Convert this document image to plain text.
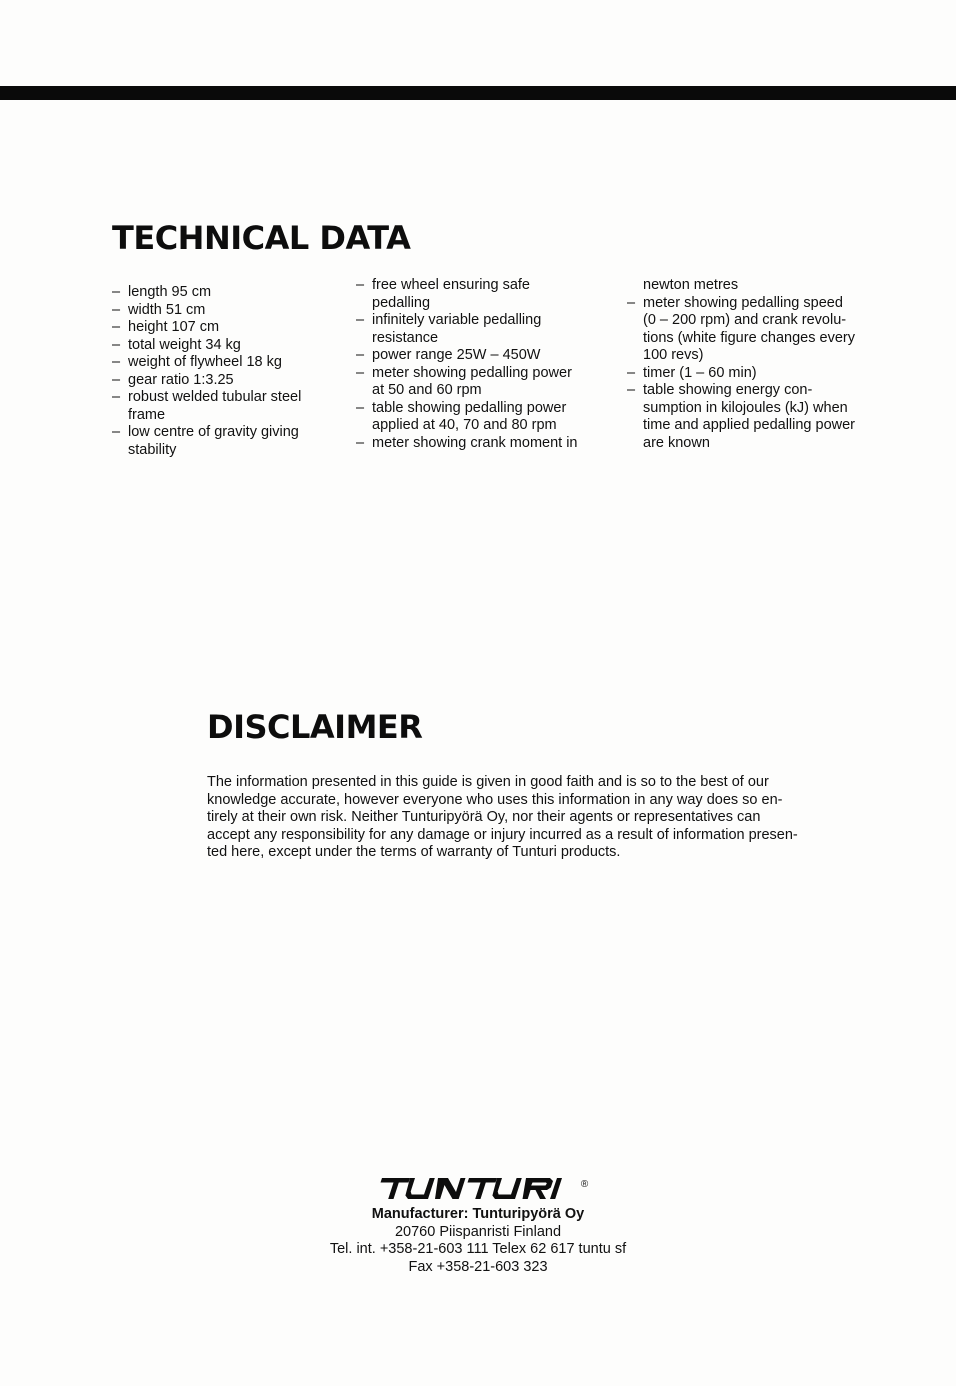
TECHNICAL DATA
– length 95 cm
– width 51 cm
– height 107 cm
– total weight 34 kg
– weight of flywheel 18 kg
– gear ratio 1:3.25
– robust welded tubular steel
frame
– low centre of gravity giving
stability
– free wheel ensuring safe
pedalling
– infinitely variable pedalling
resistance
– power range 25W – 450W
– meter showing pedalling power
at 50 and 60 rpm
– table showing pedalling power
applied at 40, 70 and 80 rpm
– meter showing crank moment in
newton metres
– meter showing pedalling speed
(0 – 200 rpm) and crank revolu-
tions (white figure changes every
100 revs)
– timer (1 – 60 min)
– table showing energy con-
sumption in kilojoules (kJ) when
time and applied pedalling power
are known
DISCLAIMER

The information presented in this guide is given in good faith and is so to the best of our
knowledge accurate, however everyone who uses this information in any way does so en-
tirely at their own risk. Neither Tunturipyörä Oy, nor their agents or representatives can
accept any responsibility for any damage or injury incurred as a result of information presen-
ted here, except under the terms of warranty of Tunturi products.

®
Manufacturer: Tunturipyörä Oy
20760 Piispanristi Finland
Tel. int. +358-21-603 111 Telex 62 617 tuntu sf
Fax +358-21-603 323
